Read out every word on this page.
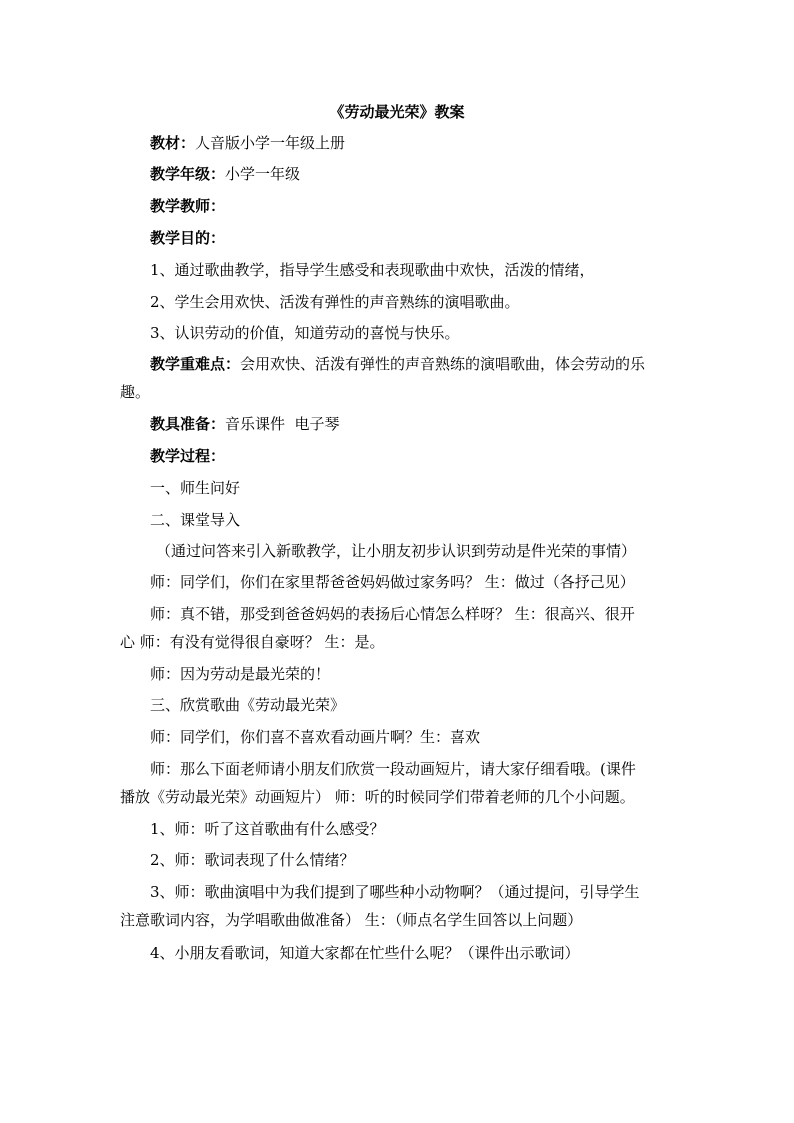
《劳动最光荣》教案
教材：人音版小学一年级上册
教学年级：小学一年级
教学教师：
教学目的：
1、通过歌曲教学，指导学生感受和表现歌曲中欢快，活泼的情绪，
2、学生会用欢快、活泼有弹性的声音熟练的演唱歌曲。
3、认识劳动的价值，知道劳动的喜悦与快乐。
教学重难点：会用欢快、活泼有弹性的声音熟练的演唱歌曲，体会劳动的乐
趣。
教具准备：音乐课件  电子琴
教学过程：
一、师生问好
二、课堂导入
（通过问答来引入新歌教学，让小朋友初步认识到劳动是件光荣的事情）
师：同学们，你们在家里帮爸爸妈妈做过家务吗？ 生：做过（各抒己见）
师：真不错，那受到爸爸妈妈的表扬后心情怎么样呀？ 生：很高兴、很开
心 师：有没有觉得很自豪呀？ 生：是。
师：因为劳动是最光荣的！
三、欣赏歌曲《劳动最光荣》
师：同学们，你们喜不喜欢看动画片啊？生：喜欢
师：那么下面老师请小朋友们欣赏一段动画短片，请大家仔细看哦。(课件
播放《劳动最光荣》动画短片） 师：听的时候同学们带着老师的几个小问题。
1、师：听了这首歌曲有什么感受？
2、师：歌词表现了什么情绪？
3、师：歌曲演唱中为我们提到了哪些种小动物啊？（通过提问，引导学生
注意歌词内容，为学唱歌曲做准备） 生：（师点名学生回答以上问题）
4、小朋友看歌词，知道大家都在忙些什么呢？（课件出示歌词）
